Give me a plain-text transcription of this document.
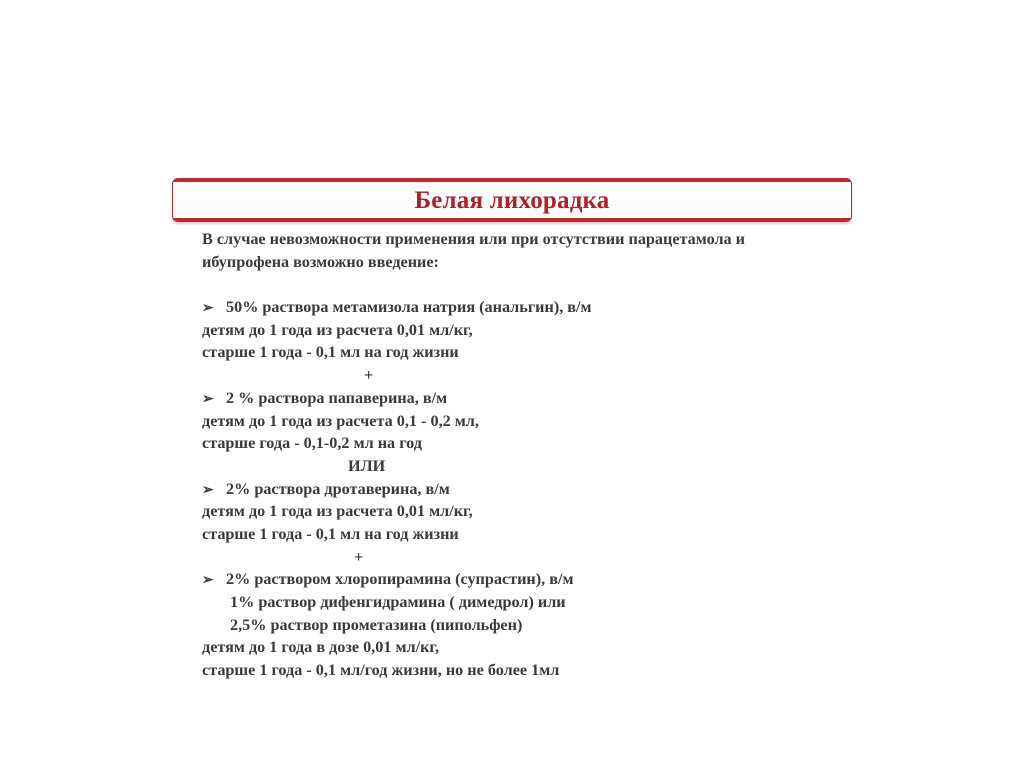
Белая лихорадка
В случае невозможности применения или при отсутствии парацетамола и
ибупрофена возможно введение:
➢ 50% раствора метамизола натрия (анальгин), в/м
детям до 1 года из расчета 0,01 мл/кг,
старше 1 года - 0,1 мл на год жизни
+
➢ 2 % раствора папаверина, в/м
детям до 1 года из расчета 0,1 - 0,2 мл,
старше года - 0,1-0,2 мл на год
ИЛИ
➢ 2% раствора дротаверина, в/м
детям до 1 года из расчета 0,01 мл/кг,
старше 1 года - 0,1 мл на год жизни
+
➢ 2% раствором хлоропирамина (супрастин), в/м
1% раствор дифенгидрамина ( димедрол) или
2,5% раствор прометазина (пипольфен)
детям до 1 года в дозе 0,01 мл/кг,
старше 1 года - 0,1 мл/год жизни, но не более 1мл
